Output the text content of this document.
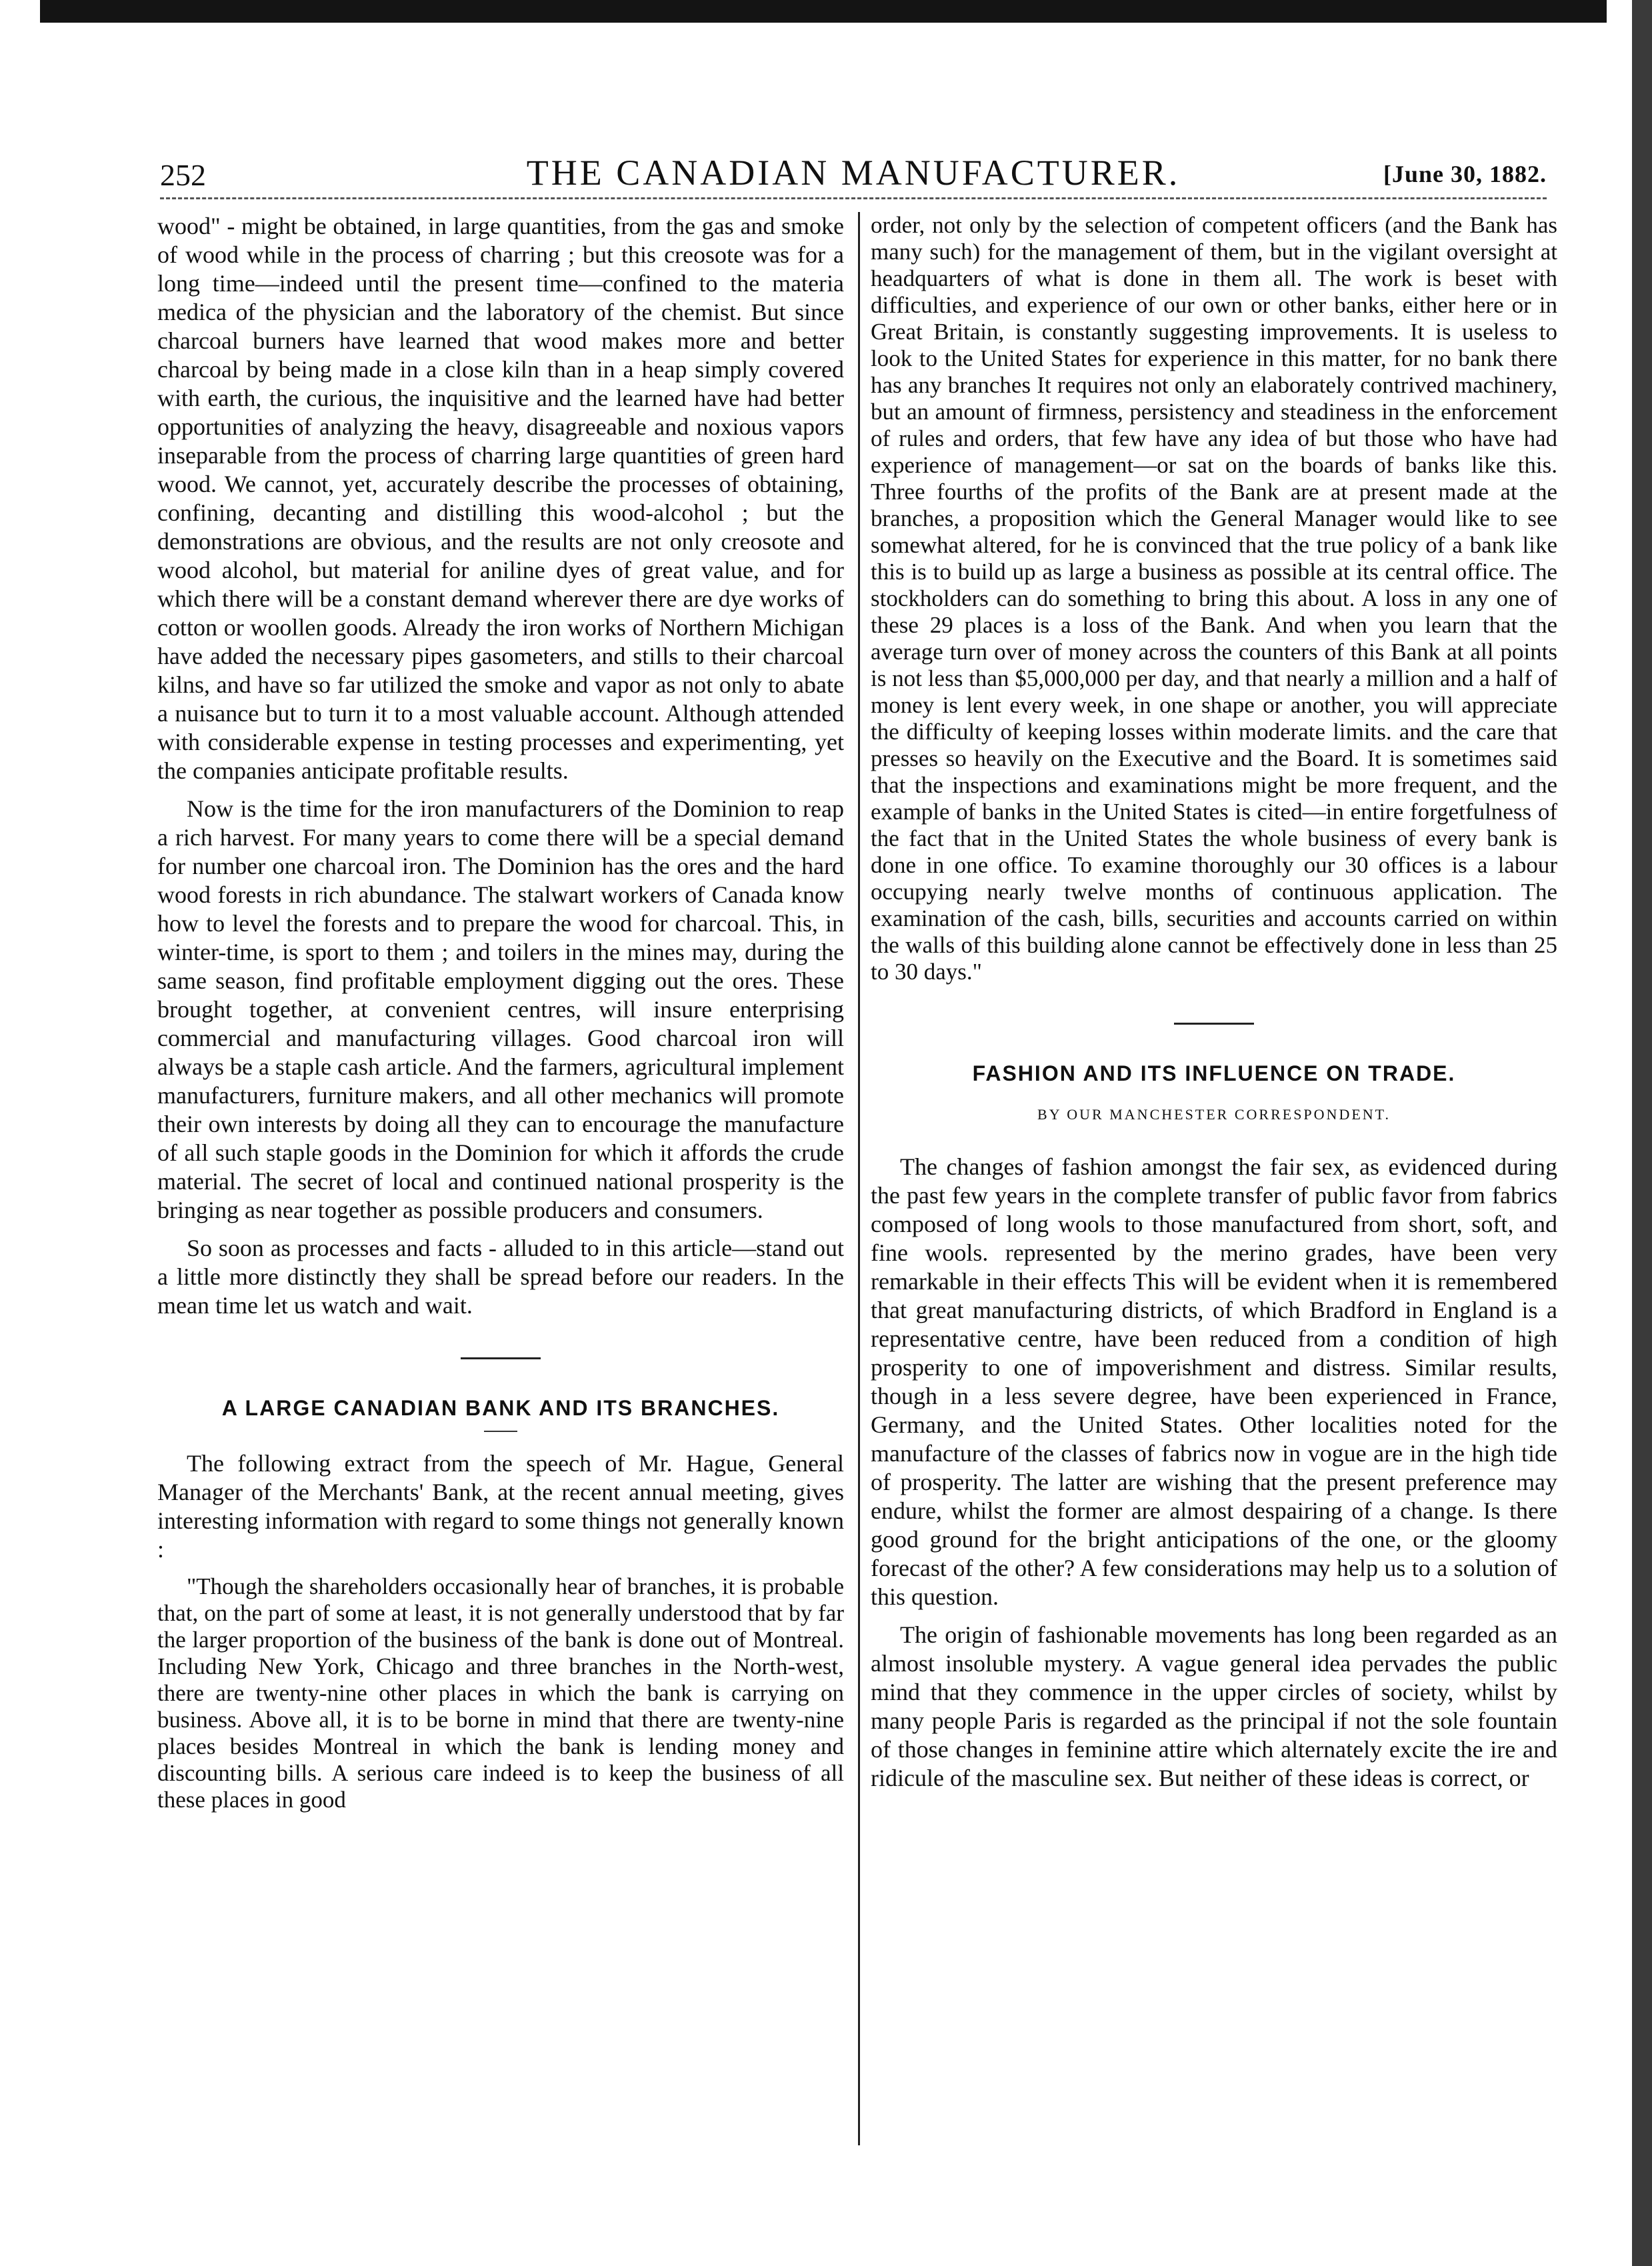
252	THE CANADIAN MANUFACTURER.	[June 30, 1882.

wood" - might be obtained, in large quantities, from the gas and smoke of wood while in the process of charring ; but this creosote was for a long time—indeed until the present time—confined to the materia medica of the physician and the laboratory of the chemist. But since charcoal burners have learned that wood makes more and better charcoal by being made in a close kiln than in a heap simply covered with earth, the curious, the inquisitive and the learned have had better opportunities of analyzing the heavy, disagreeable and noxious vapors inseparable from the process of charring large quantities of green hard wood. We cannot, yet, accurately describe the processes of obtaining, confining, decanting and distilling this wood-alcohol ; but the demonstrations are obvious, and the results are not only creosote and wood alcohol, but material for aniline dyes of great value, and for which there will be a constant demand wherever there are dye works of cotton or woollen goods. Already the iron works of Northern Michigan have added the necessary pipes gasometers, and stills to their charcoal kilns, and have so far utilized the smoke and vapor as not only to abate a nuisance but to turn it to a most valuable account. Although attended with considerable expense in testing processes and experimenting, yet the companies anticipate profitable results.

Now is the time for the iron manufacturers of the Dominion to reap a rich harvest. For many years to come there will be a special demand for number one charcoal iron. The Dominion has the ores and the hard wood forests in rich abundance. The stalwart workers of Canada know how to level the forests and to prepare the wood for charcoal. This, in winter-time, is sport to them ; and toilers in the mines may, during the same season, find profitable employment digging out the ores. These brought together, at convenient centres, will insure enterprising commercial and manufacturing villages. Good charcoal iron will always be a staple cash article. And the farmers, agricultural implement manufacturers, furniture makers, and all other mechanics will promote their own interests by doing all they can to encourage the manufacture of all such staple goods in the Dominion for which it affords the crude material. The secret of local and continued national prosperity is the bringing as near together as possible producers and consumers.

So soon as processes and facts - alluded to in this article—stand out a little more distinctly they shall be spread before our readers. In the mean time let us watch and wait.

A LARGE CANADIAN BANK AND ITS BRANCHES.

The following extract from the speech of Mr. Hague, General Manager of the Merchants' Bank, at the recent annual meeting, gives interesting information with regard to some things not generally known :

"Though the shareholders occasionally hear of branches, it is probable that, on the part of some at least, it is not generally understood that by far the larger proportion of the business of the bank is done out of Montreal. Including New York, Chicago and three branches in the North-west, there are twenty-nine other places in which the bank is carrying on business. Above all, it is to be borne in mind that there are twenty-nine places besides Montreal in which the bank is lending money and discounting bills. A serious care indeed is to keep the business of all these places in good

order, not only by the selection of competent officers (and the Bank has many such) for the management of them, but in the vigilant oversight at headquarters of what is done in them all. The work is beset with difficulties, and experience of our own or other banks, either here or in Great Britain, is constantly suggesting improvements. It is useless to look to the United States for experience in this matter, for no bank there has any branches It requires not only an elaborately contrived machinery, but an amount of firmness, persistency and steadiness in the enforcement of rules and orders, that few have any idea of but those who have had experience of management—or sat on the boards of banks like this. Three fourths of the profits of the Bank are at present made at the branches, a proposition which the General Manager would like to see somewhat altered, for he is convinced that the true policy of a bank like this is to build up as large a business as possible at its central office. The stockholders can do something to bring this about. A loss in any one of these 29 places is a loss of the Bank. And when you learn that the average turn over of money across the counters of this Bank at all points is not less than $5,000,000 per day, and that nearly a million and a half of money is lent every week, in one shape or another, you will appreciate the difficulty of keeping losses within moderate limits. and the care that presses so heavily on the Executive and the Board. It is sometimes said that the inspections and examinations might be more frequent, and the example of banks in the United States is cited—in entire forgetfulness of the fact that in the United States the whole business of every bank is done in one office. To examine thoroughly our 30 offices is a labour occupying nearly twelve months of continuous application. The examination of the cash, bills, securities and accounts carried on within the walls of this building alone cannot be effectively done in less than 25 to 30 days."

FASHION AND ITS INFLUENCE ON TRADE.
BY OUR MANCHESTER CORRESPONDENT.

The changes of fashion amongst the fair sex, as evidenced during the past few years in the complete transfer of public favor from fabrics composed of long wools to those manufactured from short, soft, and fine wools. represented by the merino grades, have been very remarkable in their effects This will be evident when it is remembered that great manufacturing districts, of which Bradford in England is a representative centre, have been reduced from a condition of high prosperity to one of impoverishment and distress. Similar results, though in a less severe degree, have been experienced in France, Germany, and the United States. Other localities noted for the manufacture of the classes of fabrics now in vogue are in the high tide of prosperity. The latter are wishing that the present preference may endure, whilst the former are almost despairing of a change. Is there good ground for the bright anticipations of the one, or the gloomy forecast of the other? A few considerations may help us to a solution of this question.

The origin of fashionable movements has long been regarded as an almost insoluble mystery. A vague general idea pervades the public mind that they commence in the upper circles of society, whilst by many people Paris is regarded as the principal if not the sole fountain of those changes in feminine attire which alternately excite the ire and ridicule of the masculine sex. But neither of these ideas is correct, or
